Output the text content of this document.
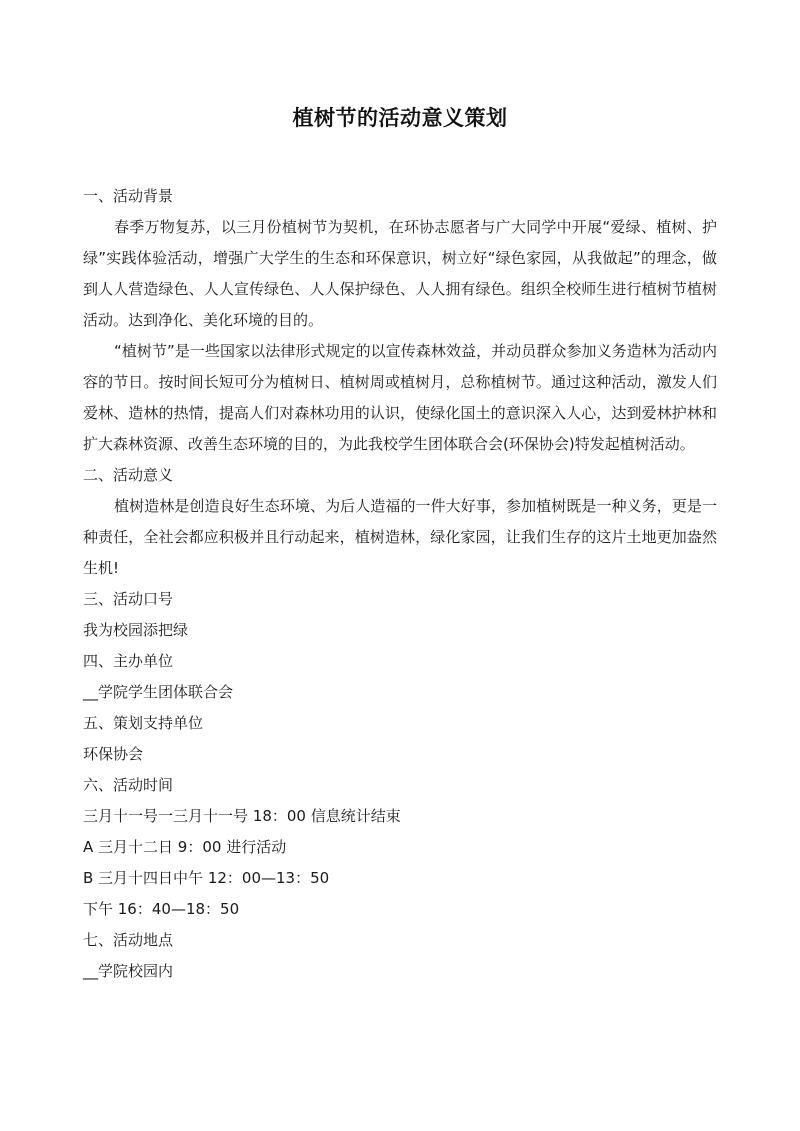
植树节的活动意义策划

一、活动背景

春季万物复苏，以三月份植树节为契机，在环协志愿者与广大同学中开展“爱绿、植树、护绿”实践体验活动，增强广大学生的生态和环保意识，树立好“绿色家园，从我做起”的理念，做到人人营造绿色、人人宣传绿色、人人保护绿色、人人拥有绿色。组织全校师生进行植树节植树活动。达到净化、美化环境的目的。

“植树节”是一些国家以法律形式规定的以宣传森林效益，并动员群众参加义务造林为活动内容的节日。按时间长短可分为植树日、植树周或植树月，总称植树节。通过这种活动，激发人们爱林、造林的热情，提高人们对森林功用的认识，使绿化国土的意识深入人心，达到爱林护林和扩大森林资源、改善生态环境的目的，为此我校学生团体联合会(环保协会)特发起植树活动。

二、活动意义

植树造林是创造良好生态环境、为后人造福的一件大好事，参加植树既是一种义务，更是一种责任，全社会都应积极并且行动起来，植树造林，绿化家园，让我们生存的这片土地更加盎然生机!

三、活动口号

我为校园添把绿

四、主办单位

__学院学生团体联合会

五、策划支持单位

环保协会

六、活动时间

三月十一号一三月十一号 18：00 信息统计结束

A 三月十二日 9：00 进行活动

B 三月十四日中午 12：00—13：50

下午 16：40—18：50

七、活动地点

__学院校园内
